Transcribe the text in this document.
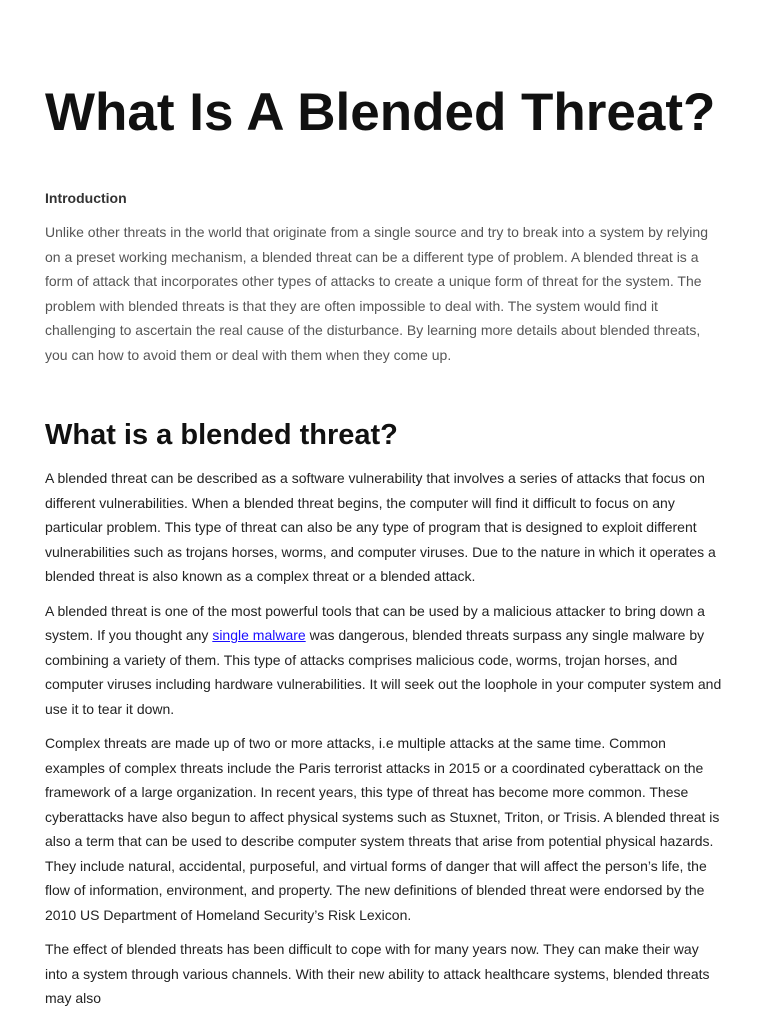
What Is A Blended Threat?

Introduction

Unlike other threats in the world that originate from a single source and try to break into a system by relying on a preset working mechanism, a blended threat can be a different type of problem. A blended threat is a form of attack that incorporates other types of attacks to create a unique form of threat for the system. The problem with blended threats is that they are often impossible to deal with. The system would find it challenging to ascertain the real cause of the disturbance. By learning more details about blended threats, you can how to avoid them or deal with them when they come up.

What is a blended threat?

A blended threat can be described as a software vulnerability that involves a series of attacks that focus on different vulnerabilities. When a blended threat begins, the computer will find it difficult to focus on any particular problem. This type of threat can also be any type of program that is designed to exploit different vulnerabilities such as trojans horses, worms, and computer viruses. Due to the nature in which it operates a blended threat is also known as a complex threat or a blended attack.

A blended threat is one of the most powerful tools that can be used by a malicious attacker to bring down a system. If you thought any single malware was dangerous, blended threats surpass any single malware by combining a variety of them. This type of attacks comprises malicious code, worms, trojan horses, and computer viruses including hardware vulnerabilities. It will seek out the loophole in your computer system and use it to tear it down.

Complex threats are made up of two or more attacks, i.e multiple attacks at the same time. Common examples of complex threats include the Paris terrorist attacks in 2015 or a coordinated cyberattack on the framework of a large organization. In recent years, this type of threat has become more common. These cyberattacks have also begun to affect physical systems such as Stuxnet, Triton, or Trisis. A blended threat is also a term that can be used to describe computer system threats that arise from potential physical hazards. They include natural, accidental, purposeful, and virtual forms of danger that will affect the person’s life, the flow of information, environment, and property. The new definitions of blended threat were endorsed by the 2010 US Department of Homeland Security’s Risk Lexicon.

The effect of blended threats has been difficult to cope with for many years now. They can make their way into a system through various channels. With their new ability to attack healthcare systems, blended threats may also
